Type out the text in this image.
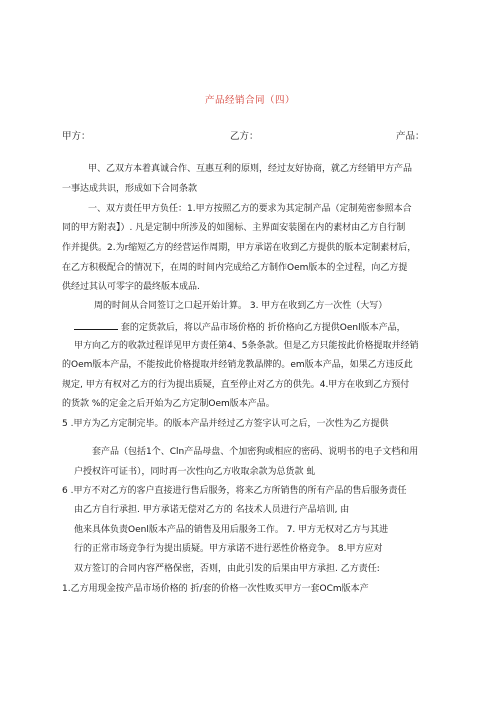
产品经销合同（四）
甲方：	乙方：	产品：
甲、乙双方本着真诚合作、互惠互利的原则，经过友好协商，就乙方经销甲方产品
一事达成共识，形成如下合同条款
一、双方责任甲方负任：1.甲方按照乙方的要求为其定制产品（定制苑密参照本合
同的甲方附表】）. 凡是定制中所涉及的如图标、主界面安装图在内的素材由乙方自行制
作并提供。2.为r缩短乙方的经营运作周期，甲方承诺在收到乙方提供的版本定制素材后，
在乙方积极配合的情况下，在周的时间内完成给乙方制作Oem版本的全过程，向乙方提
供经过其认可零字的最终版本成品.
周的时间从合同签订之口起开始计算。 3. 甲方在收到乙方一次性（大写）
套的定货款后，将以产品市场价格的 折价格向乙方提供Oenl版本产品，
甲方向乙方的收款过程详见甲方责任第4、5条条款。但是乙方只能按此价格提取并经销
的Oem版本产品，不能按此价格提取并经销龙教晶牌的。em版本产品，如果乙方违反此
规定, 甲方有权对乙方的行为提出质疑，直至停止对乙方的供先。4.甲方在收到乙方预付
的货款 %的定金之后开始为乙方定制Oem版本产品。
5 .甲方为乙方定制完毕。的版本产品并经过乙方签字认可之后，一次性为乙方提供
套产品（包括1个、Cln产品母盘、个加密狗或相应的密码、说明书的电子文档和用
户授权许可证书），同时再一次性向乙方收取余款为总货款 虬
6 .甲方不对乙方的客户直接进行售后服务，将来乙方所销售的所有产品的售后服务责任
由乙方自行承担. 甲方承诺无偿对乙方的 名技术人员进行产品培训, 由
他来具体负责Oenl版本产品的销售及用后服务工作。 7. 甲方无权对乙方与其进
行的正常市场竞争行为提出质疑。甲方承诺不进行恶性价格竞争。 8.甲方应对
双方签订的合同内容严格保密，否则，由此引发的后果由甲方承担. 乙方责任:
1.乙方用现金按产品市场价格的 折/套的价格一次性败买甲方一套OCm版本产
